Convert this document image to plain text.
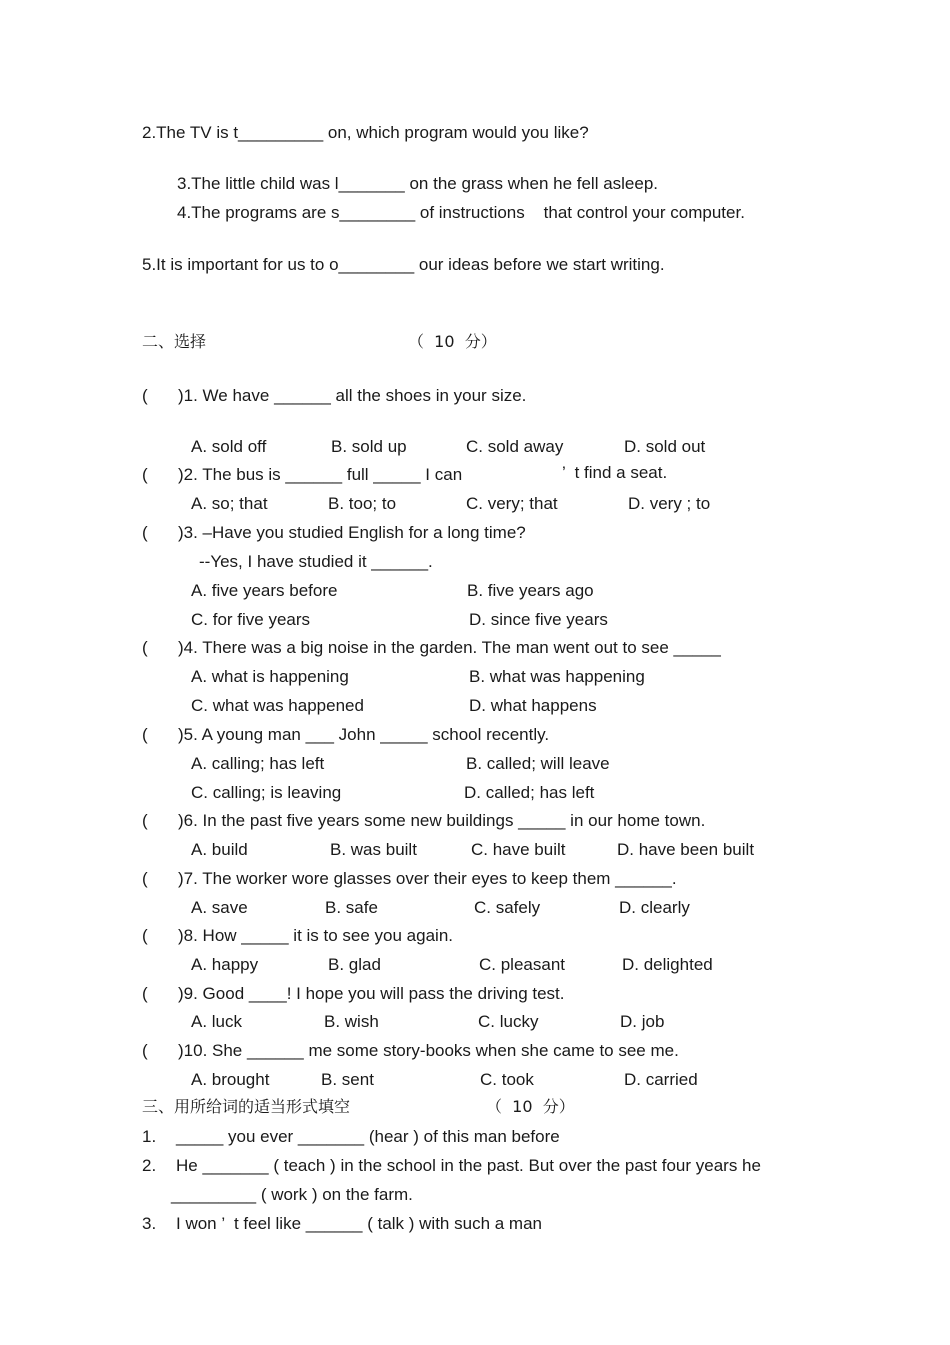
2.The TV is t_________ on, which program would you like?
3.The little child was l_______ on the grass when he fell asleep.
4.The programs are s________ of instructions    that control your computer.
5.It is important for us to o________ our ideas before we start writing.
二、选择	（  10  分）
( )1. We have ______ all the shoes in your size.
A. sold off	B. sold up	C. sold away	D. sold out
( )2. The bus is ______ full _____ I can	’  t find a seat.
A. so; that	B. too; to	C. very; that	D. very ; to
( )3. –Have you studied English for a long time?
--Yes, I have studied it ______.
A. five years before	B. five years ago
C. for five years	D. since five years
( )4. There was a big noise in the garden. The man went out to see _____
A. what is happening	B. what was happening
C. what was happened	D. what happens
( )5. A young man ___ John _____ school recently.
A. calling; has left	B. called; will leave
C. calling; is leaving	D. called; has left
( )6. In the past five years some new buildings _____ in our home town.
A. build	B. was built	C. have built	D. have been built
( )7. The worker wore glasses over their eyes to keep them ______.
A. save	B. safe	C. safely	D. clearly
( )8. How _____ it is to see you again.
A. happy	B. glad	C. pleasant	D. delighted
( )9. Good ____! I hope you will pass the driving test.
A. luck	B. wish	C. lucky	D. job
( )10. She ______ me some story-books when she came to see me.
A. brought	B. sent	C. took	D. carried
三、用所给词的适当形式填空	（  10  分）
1. _____ you ever _______ (hear ) of this man before
2. He _______ ( teach ) in the school in the past. But over the past four years he
_________ ( work ) on the farm.
3. I won ’  t feel like ______ ( talk ) with such a man
